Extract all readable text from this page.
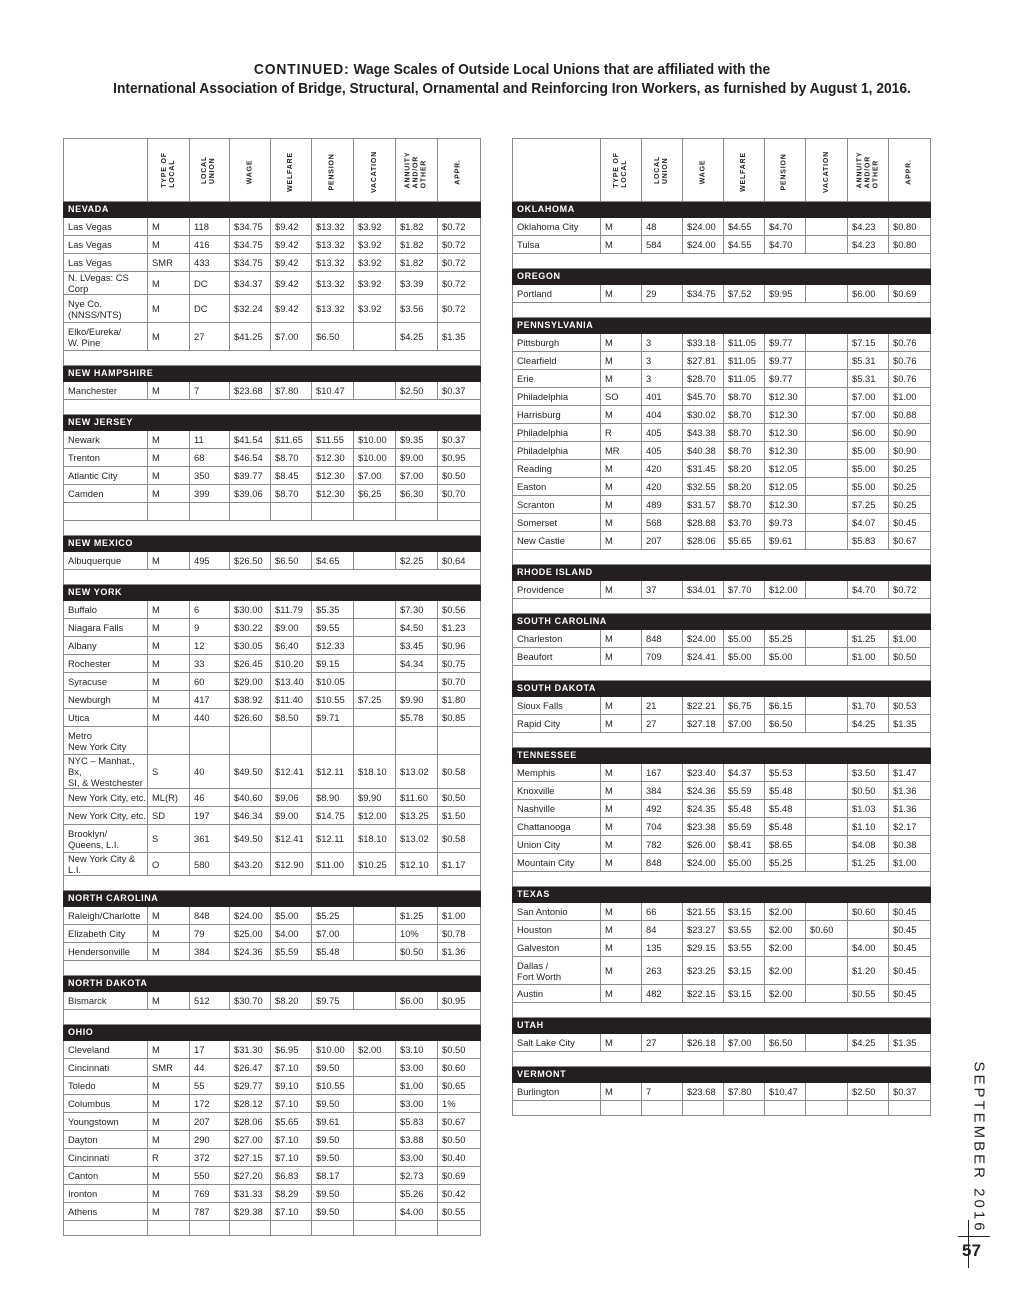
CONTINUED: Wage Scales of Outside Local Unions that are affiliated with the
International Association of Bridge, Structural, Ornamental and Reinforcing Iron Workers, as furnished by August 1, 2016.
	TYPE OF
LOCAL	LOCAL
UNION	WAGE	WELFARE	PENSION	VACATION	ANNUITY
AND/OR
OTHER	APPR.
NEVADA								
Las Vegas	M	118	$34.75	$9.42	$13.32	$3.92	$1.82	$0.72
Las Vegas	M	416	$34.75	$9.42	$13.32	$3.92	$1.82	$0.72
Las Vegas	SMR	433	$34.75	$9.42	$13.32	$3.92	$1.82	$0.72
N. LVegas: CS Corp	M	DC	$34.37	$9.42	$13.32	$3.92	$3.39	$0.72
Nye Co.
(NNSS/NTS)	M	DC	$32.24	$9.42	$13.32	$3.92	$3.56	$0.72
Elko/Eureka/
W. Pine	M	27	$41.25	$7.00	$6.50		$4.25	$1.35

NEW HAMPSHIRE								
Manchester	M	7	$23.68	$7.80	$10.47		$2.50	$0.37

NEW JERSEY								
Newark	M	11	$41.54	$11.65	$11.55	$10.00	$9.35	$0.37
Trenton	M	68	$46.54	$8.70	$12.30	$10.00	$9.00	$0.95
Atlantic City	M	350	$39.77	$8.45	$12.30	$7.00	$7.00	$0.50
Camden	M	399	$39.06	$8.70	$12.30	$6.25	$6.30	$0.70

NEW MEXICO								
Albuquerque	M	495	$26.50	$6.50	$4.65		$2.25	$0.64

NEW YORK								
Buffalo	M	6	$30.00	$11.79	$5.35		$7.30	$0.56
Niagara Falls	M	9	$30.22	$9.00	$9.55		$4.50	$1.23
Albany	M	12	$30.05	$6.40	$12.33		$3.45	$0.96
Rochester	M	33	$26.45	$10.20	$9.15		$4.34	$0.75
Syracuse	M	60	$29.00	$13.40	$10.05			$0.70
Newburgh	M	417	$38.92	$11.40	$10.55	$7.25	$9.90	$1.80
Utica	M	440	$26.60	$8.50	$9.71		$5.78	$0.85
Metro
New York City								
NYC – Manhat., Bx,
SI, & Westchester	S	40	$49.50	$12.41	$12.11	$18.10	$13.02	$0.58
New York City, etc.	ML(R)	46	$40.60	$9.06	$8.90	$9.90	$11.60	$0.50
New York City, etc.	SD	197	$46.34	$9.00	$14.75	$12.00	$13.25	$1.50
Brooklyn/
Queens, L.I.	S	361	$49.50	$12.41	$12.11	$18.10	$13.02	$0.58
New York City & L.I.	O	580	$43.20	$12.90	$11.00	$10.25	$12.10	$1.17

NORTH CAROLINA								
Raleigh/Charlotte	M	848	$24.00	$5.00	$5.25		$1.25	$1.00
Elizabeth City	M	79	$25.00	$4.00	$7.00		10%	$0.78
Hendersonville	M	384	$24.36	$5.59	$5.48		$0.50	$1.36

NORTH DAKOTA								
Bismarck	M	512	$30.70	$8.20	$9.75		$6.00	$0.95

OHIO								
Cleveland	M	17	$31.30	$6.95	$10.00	$2.00	$3.10	$0.50
Cincinnati	SMR	44	$26.47	$7.10	$9.50		$3.00	$0.60
Toledo	M	55	$29.77	$9.10	$10.55		$1.00	$0.65
Columbus	M	172	$28.12	$7.10	$9.50		$3.00	1%
Youngstown	M	207	$28.06	$5.65	$9.61		$5.83	$0.67
Dayton	M	290	$27.00	$7.10	$9.50		$3.88	$0.50
Cincinnati	R	372	$27.15	$7.10	$9.50		$3.00	$0.40
Canton	M	550	$27.20	$6.83	$8.17		$2.73	$0.69
Ironton	M	769	$31.33	$8.29	$9.50		$5.26	$0.42
Athens	M	787	$29.38	$7.10	$9.50		$4.00	$0.55

	TYPE OF
LOCAL	LOCAL
UNION	WAGE	WELFARE	PENSION	VACATION	ANNUITY
AND/OR
OTHER	APPR.
OKLAHOMA								
Oklahoma City	M	48	$24.00	$4.55	$4.70		$4.23	$0.80
Tulsa	M	584	$24.00	$4.55	$4.70		$4.23	$0.80

OREGON								
Portland	M	29	$34.75	$7.52	$9.95		$6.00	$0.69

PENNSYLVANIA								
Pittsburgh	M	3	$33.18	$11.05	$9.77		$7.15	$0.76
Clearfield	M	3	$27.81	$11.05	$9.77		$5.31	$0.76
Erie	M	3	$28.70	$11.05	$9.77		$5.31	$0.76
Philadelphia	SO	401	$45.70	$8.70	$12.30		$7.00	$1.00
Harrisburg	M	404	$30.02	$8.70	$12.30		$7.00	$0.88
Philadelphia	R	405	$43.38	$8.70	$12.30		$6.00	$0.90
Philadelphia	MR	405	$40.38	$8.70	$12.30		$5.00	$0.90
Reading	M	420	$31.45	$8.20	$12.05		$5.00	$0.25
Easton	M	420	$32.55	$8.20	$12.05		$5.00	$0.25
Scranton	M	489	$31.57	$8.70	$12.30		$7.25	$0.25
Somerset	M	568	$28.88	$3.70	$9.73		$4.07	$0.45
New Castle	M	207	$28.06	$5.65	$9.61		$5.83	$0.67

RHODE ISLAND								
Providence	M	37	$34.01	$7.70	$12.00		$4.70	$0.72

SOUTH CAROLINA								
Charleston	M	848	$24.00	$5.00	$5.25		$1.25	$1.00
Beaufort	M	709	$24.41	$5.00	$5.00		$1.00	$0.50

SOUTH DAKOTA								
Sioux Falls	M	21	$22.21	$6.75	$6.15		$1.70	$0.53
Rapid City	M	27	$27.18	$7.00	$6.50		$4.25	$1.35

TENNESSEE								
Memphis	M	167	$23.40	$4.37	$5.53		$3.50	$1.47
Knoxville	M	384	$24.36	$5.59	$5.48		$0.50	$1.36
Nashville	M	492	$24.35	$5.48	$5.48		$1.03	$1.36
Chattanooga	M	704	$23.38	$5.59	$5.48		$1.10	$2.17
Union City	M	782	$26.00	$8.41	$8.65		$4.08	$0.38
Mountain City	M	848	$24.00	$5.00	$5.25		$1.25	$1.00

TEXAS								
San Antonio	M	66	$21.55	$3.15	$2.00		$0.60	$0.45
Houston	M	84	$23.27	$3.55	$2.00	$0.60		$0.45
Galveston	M	135	$29.15	$3.55	$2.00		$4.00	$0.45
Dallas /
Fort Worth	M	263	$23.25	$3.15	$2.00		$1.20	$0.45
Austin	M	482	$22.15	$3.15	$2.00		$0.55	$0.45

UTAH								
Salt Lake City	M	27	$26.18	$7.00	$6.50		$4.25	$1.35

VERMONT								
Burlington	M	7	$23.68	$7.80	$10.47		$2.50	$0.37
									SEPTEMBER 2016
57
